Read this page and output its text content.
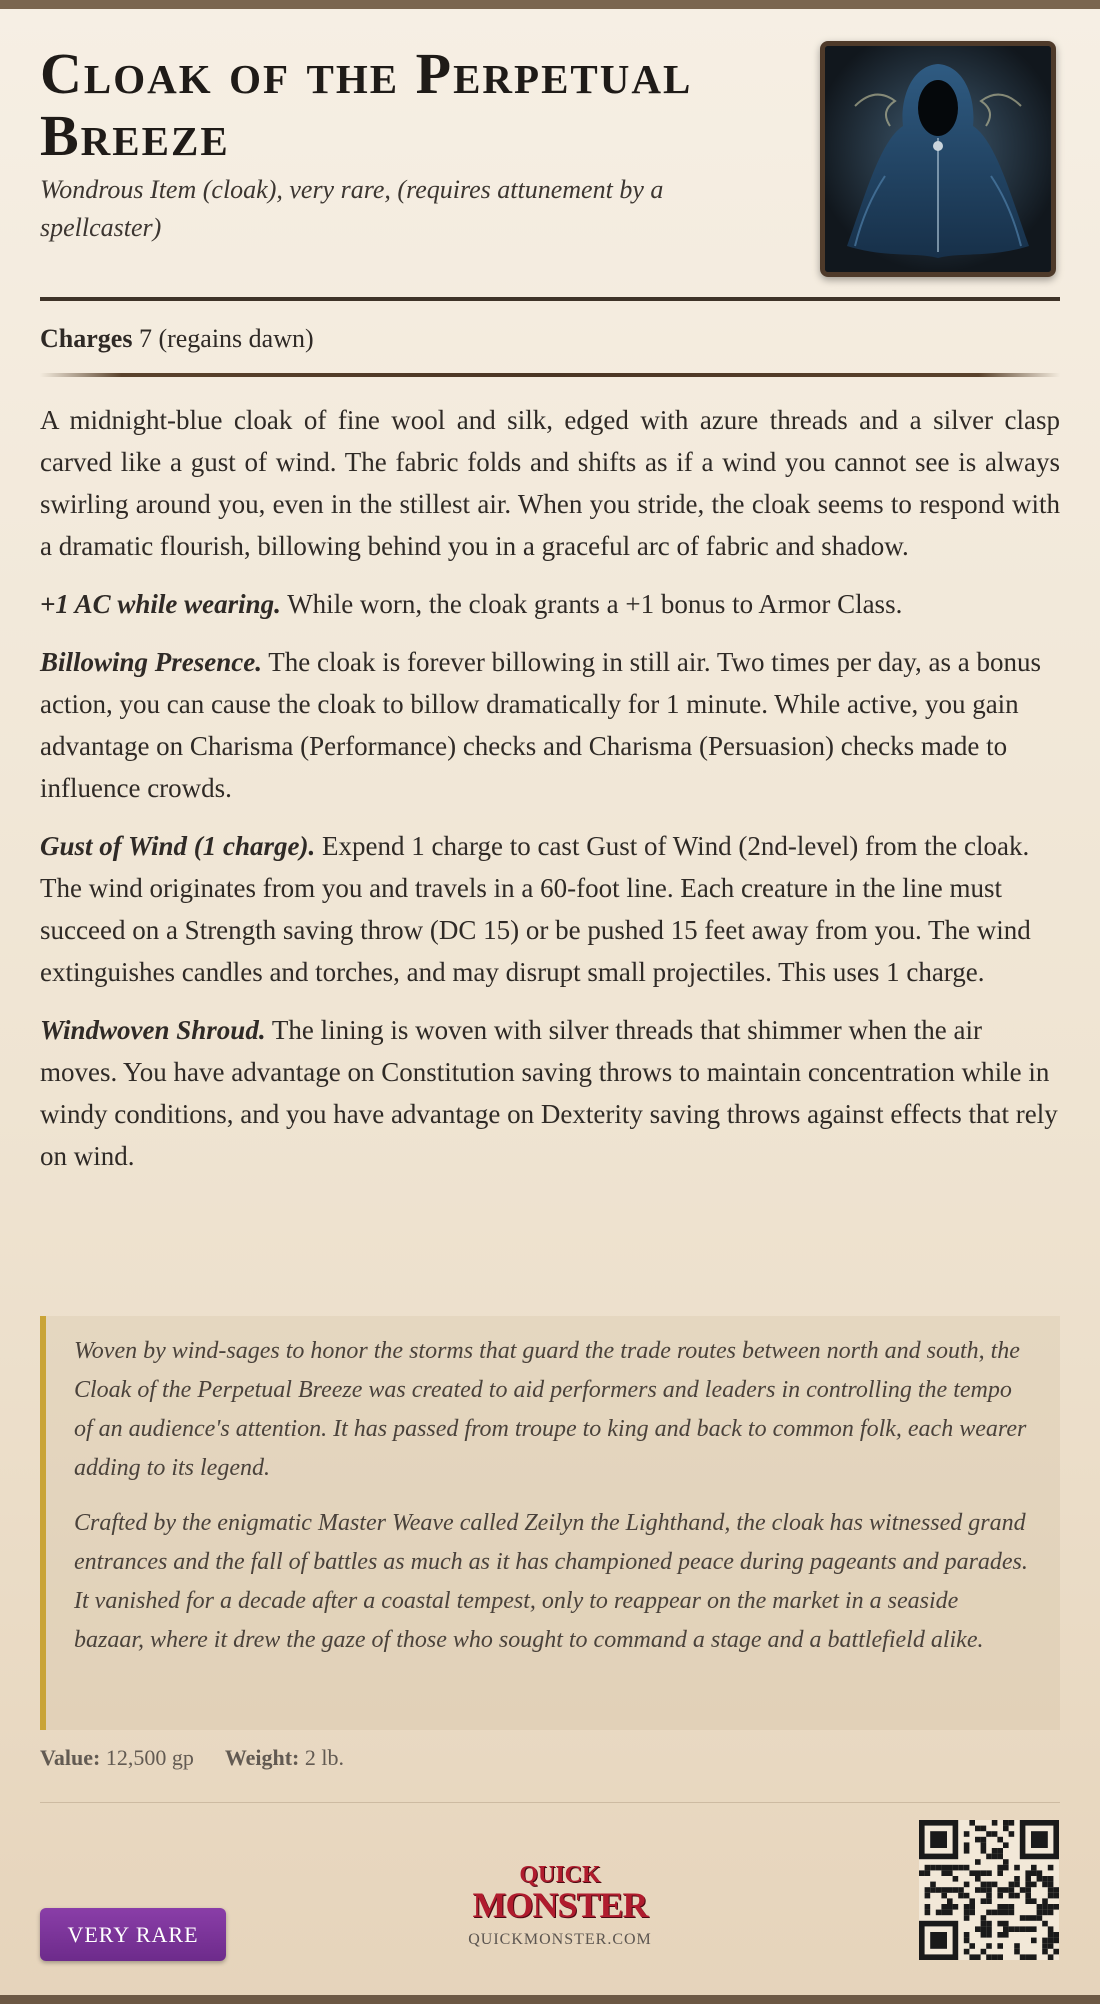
Cloak of the Perpetual Breeze
Wondrous Item (cloak), very rare, (requires attunement by a spellcaster)
Charges 7 (regains dawn)

A midnight-blue cloak of fine wool and silk, edged with azure threads and a silver clasp carved like a gust of wind. The fabric folds and shifts as if a wind you cannot see is always swirling around you, even in the stillest air. When you stride, the cloak seems to respond with a dramatic flourish, billowing behind you in a graceful arc of fabric and shadow.

+1 AC while wearing. While worn, the cloak grants a +1 bonus to Armor Class.

Billowing Presence. The cloak is forever billowing in still air. Two times per day, as a bonus action, you can cause the cloak to billow dramatically for 1 minute. While active, you gain advantage on Charisma (Performance) checks and Charisma (Persuasion) checks made to influence crowds.

Gust of Wind (1 charge). Expend 1 charge to cast Gust of Wind (2nd-level) from the cloak. The wind originates from you and travels in a 60-foot line. Each creature in the line must succeed on a Strength saving throw (DC 15) or be pushed 15 feet away from you. The wind extinguishes candles and torches, and may disrupt small projectiles. This uses 1 charge.

Windwoven Shroud. The lining is woven with silver threads that shimmer when the air moves. You have advantage on Constitution saving throws to maintain concentration while in windy conditions, and you have advantage on Dexterity saving throws against effects that rely on wind.

Woven by wind-sages to honor the storms that guard the trade routes between north and south, the Cloak of the Perpetual Breeze was created to aid performers and leaders in controlling the tempo of an audience's attention. It has passed from troupe to king and back to common folk, each wearer adding to its legend.

Crafted by the enigmatic Master Weave called Zeilyn the Lighthand, the cloak has witnessed grand entrances and the fall of battles as much as it has championed peace during pageants and parades. It vanished for a decade after a coastal tempest, only to reappear on the market in a seaside bazaar, where it drew the gaze of those who sought to command a stage and a battlefield alike.

Value: 12,500 gp Weight: 2 lb.
VERY RARE
QUICK
MONSTER
QUICKMONSTER.COM
